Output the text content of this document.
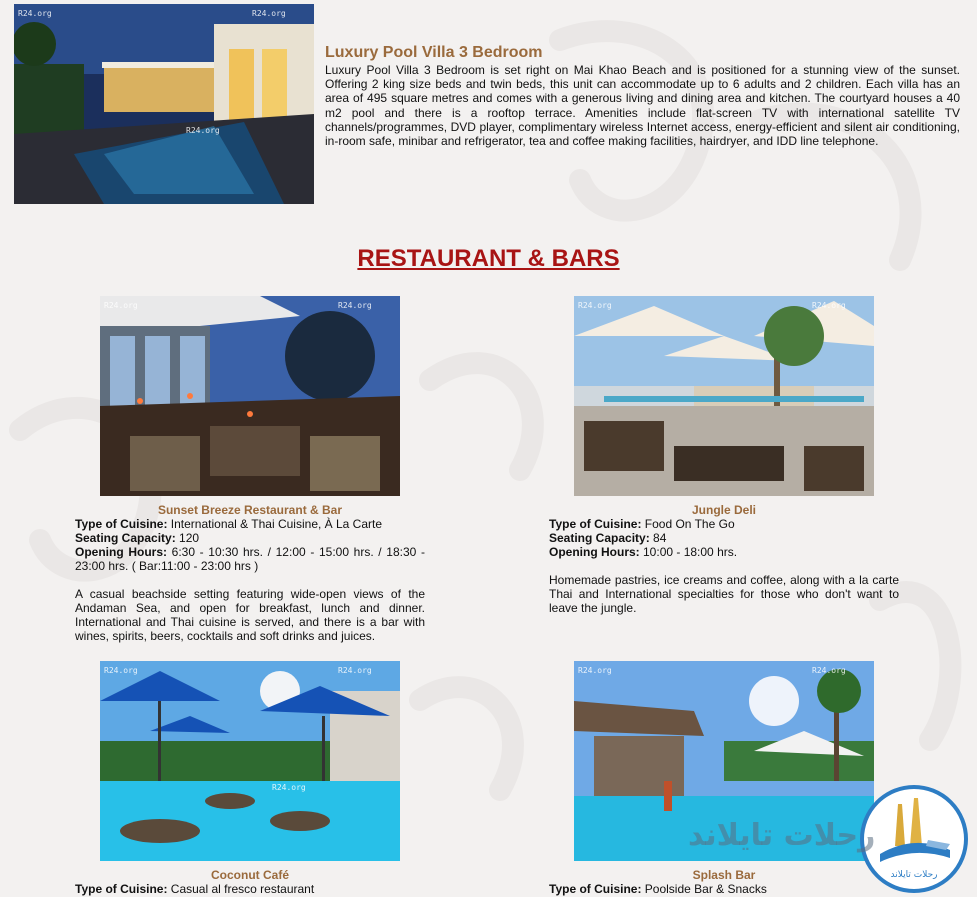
R24.org	R24.org
R24.org
Luxury Pool Villa 3 Bedroom
Luxury Pool Villa 3 Bedroom is set right on Mai Khao Beach and is positioned for a stunning view of the sunset. Offering 2 king size beds and twin beds, this unit can accommodate up to 6 adults and 2 children. Each villa has an area of 495 square metres and comes with a generous living and dining area and kitchen. The courtyard houses a 40 m2 pool and there is a rooftop terrace. Amenities include flat-screen TV with international satellite TV channels/programmes, DVD player, complimentary wireless Internet access, energy-efficient and silent air conditioning, in-room safe, minibar and refrigerator, tea and coffee making facilities, hairdryer, and IDD line telephone.
RESTAURANT & BARS
R24.org	R24.org	R24.org	R24.org
R24.org	R24.org
R24.org
R24.org	R24.org
Sunset Breeze Restaurant & Bar
Type of Cuisine: International & Thai Cuisine, À La Carte
Seating Capacity: 120
Opening Hours: 6:30 - 10:30 hrs. / 12:00 - 15:00 hrs. / 18:30 - 23:00 hrs. ( Bar:11:00 - 23:00 hrs )
A casual beachside setting featuring wide-open views of the Andaman Sea, and open for breakfast, lunch and dinner. International and Thai cuisine is served, and there is a bar with wines, spirits, beers, cocktails and soft drinks and juices.
Jungle Deli
Type of Cuisine: Food On The Go
Seating Capacity: 84
Opening Hours: 10:00 - 18:00 hrs.
Homemade pastries, ice creams and coffee, along with a la carte Thai and International specialties for those who don't want to leave the jungle.
Coconut Café
Type of Cuisine: Casual al fresco restaurant
Splash Bar
Type of Cuisine: Poolside Bar & Snacks
رحلات تايلاند
رحلات تايلاند
